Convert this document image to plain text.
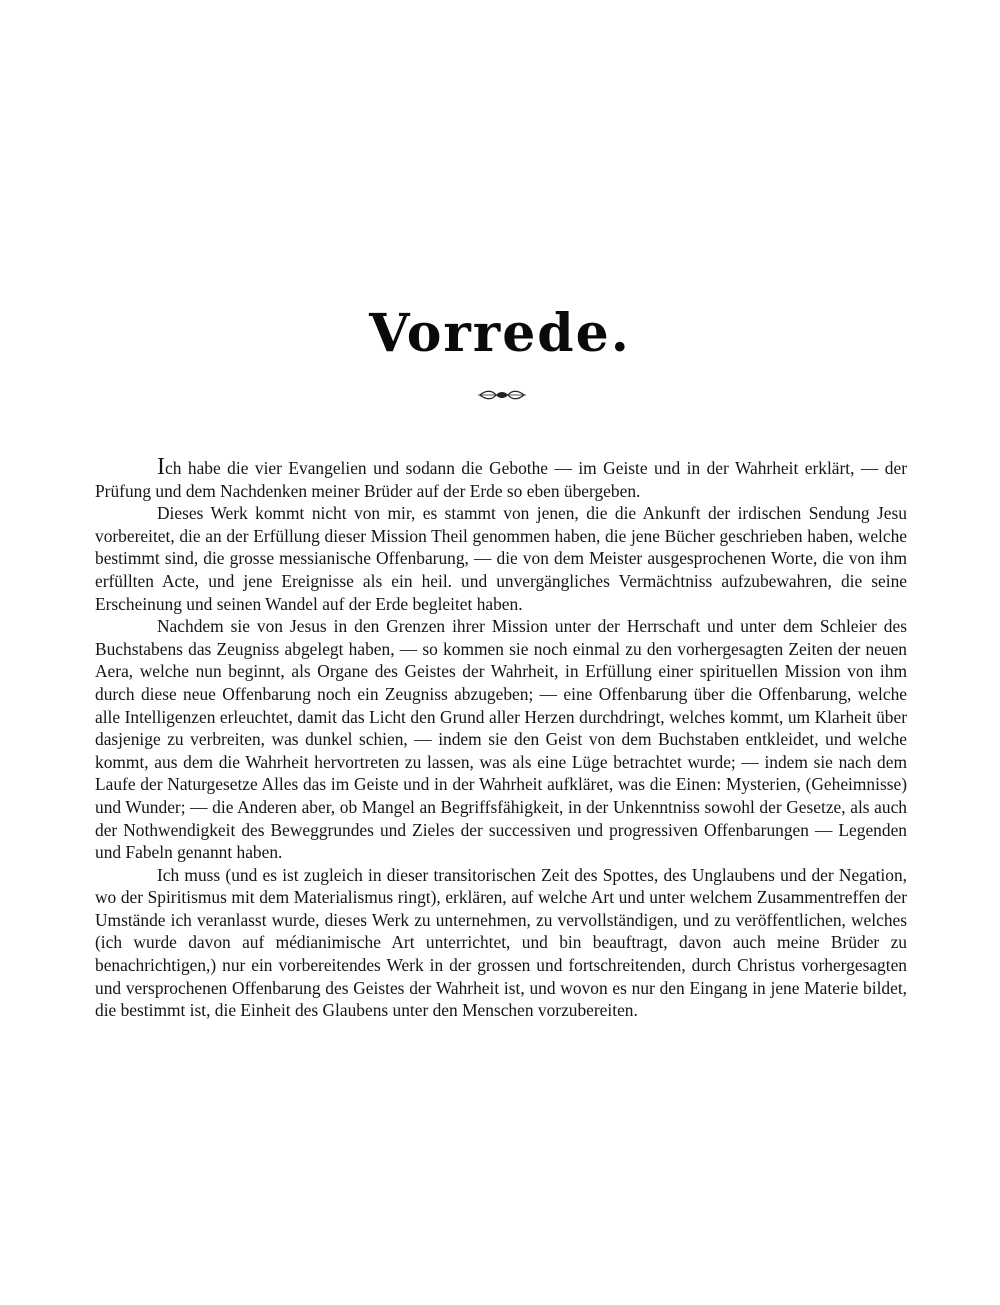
Vorrede.

Ich habe die vier Evangelien und sodann die Gebothe — im Geiste und in der Wahrheit erklärt, — der Prüfung und dem Nachdenken meiner Brüder auf der Erde so eben übergeben.

Dieses Werk kommt nicht von mir, es stammt von jenen, die die Ankunft der irdischen Sendung Jesu vorbereitet, die an der Erfüllung dieser Mission Theil genommen haben, die jene Bücher geschrieben haben, welche bestimmt sind, die grosse messianische Offenbarung, — die von dem Meister ausgesprochenen Worte, die von ihm erfüllten Acte, und jene Ereignisse als ein heil. und unvergängliches Vermächtniss aufzubewahren, die seine Erscheinung und seinen Wandel auf der Erde begleitet haben.

Nachdem sie von Jesus in den Grenzen ihrer Mission unter der Herrschaft und unter dem Schleier des Buchstabens das Zeugniss abgelegt haben, — so kommen sie noch einmal zu den vorhergesagten Zeiten der neuen Aera, welche nun beginnt, als Organe des Geistes der Wahrheit, in Erfüllung einer spirituellen Mission von ihm durch diese neue Offenbarung noch ein Zeugniss abzugeben; — eine Offenbarung über die Offenbarung, welche alle Intelligenzen erleuchtet, damit das Licht den Grund aller Herzen durchdringt, welches kommt, um Klarheit über dasjenige zu verbreiten, was dunkel schien, — indem sie den Geist von dem Buchstaben entkleidet, und welche kommt, aus dem die Wahrheit hervortreten zu lassen, was als eine Lüge betrachtet wurde; — indem sie nach dem Laufe der Naturgesetze Alles das im Geiste und in der Wahrheit aufkläret, was die Einen: Mysterien, (Geheimnisse) und Wunder; — die Anderen aber, ob Mangel an Begriffsfähigkeit, in der Unkenntniss sowohl der Gesetze, als auch der Nothwendigkeit des Beweggrundes und Zieles der successiven und progressiven Offenbarungen — Legenden und Fabeln genannt haben.

Ich muss (und es ist zugleich in dieser transitorischen Zeit des Spottes, des Unglaubens und der Negation, wo der Spiritismus mit dem Materialismus ringt), erklären, auf welche Art und unter welchem Zusammentreffen der Umstände ich veranlasst wurde, dieses Werk zu unternehmen, zu vervollständigen, und zu veröffentlichen, welches (ich wurde davon auf médianimische Art unterrichtet, und bin beauftragt, davon auch meine Brüder zu benachrichtigen,) nur ein vorbereitendes Werk in der grossen und fortschreitenden, durch Christus vorhergesagten und versprochenen Offenbarung des Geistes der Wahrheit ist, und wovon es nur den Eingang in jene Materie bildet, die bestimmt ist, die Einheit des Glaubens unter den Menschen vorzubereiten.
